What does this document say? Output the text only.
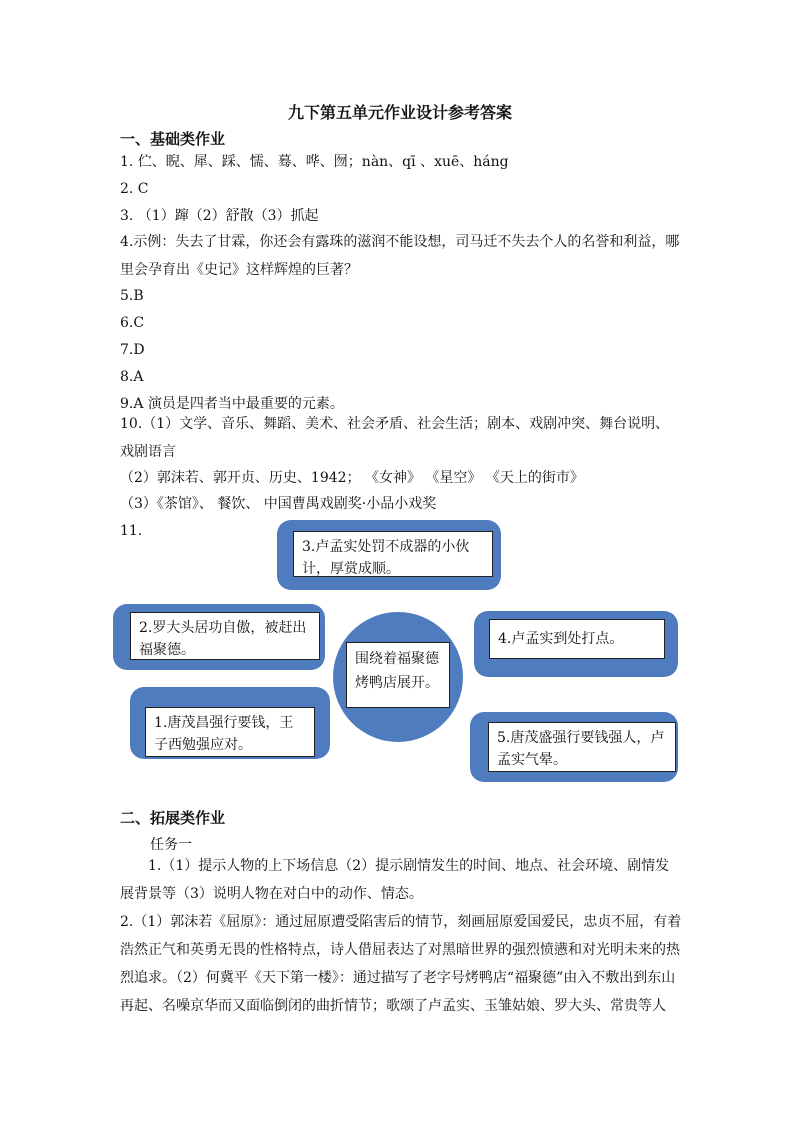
九下第五单元作业设计参考答案
一、基础类作业
1. 伫、睨、犀、踩、懦、蓦、哗、囫；nàn、qī 、xuē、háng
2. C
3. （1）蹿（2）舒散（3）抓起
4.示例：失去了甘霖，你还会有露珠的滋润不能设想，司马迁不失去个人的名誉和利益，哪里会孕育出《史记》这样辉煌的巨著？
5.B
6.C
7.D
8.A
9.A 演员是四者当中最重要的元素。
10.（1）文学、音乐、舞蹈、美术、社会矛盾、社会生活；剧本、戏剧冲突、舞台说明、戏剧语言
（2）郭沫若、郭开贞、历史、1942； 《女神》 《星空》 《天上的街市》
（3）《茶馆》、 餐饮、 中国曹禺戏剧奖·小品小戏奖
11.
3.卢孟实处罚不成器的小伙计，厚赏成顺。
2.罗大头居功自傲，被赶出福聚德。
围绕着福聚德烤鸭店展开。
4.卢孟实到处打点。
1.唐茂昌强行要钱，王子西勉强应对。	5.唐茂盛强行要钱强人，卢孟实气晕。
二、拓展类作业
任务一
1.（1）提示人物的上下场信息（2）提示剧情发生的时间、地点、社会环境、剧情发展背景等（3）说明人物在对白中的动作、情态。
2.（1）郭沫若《屈原》：通过屈原遭受陷害后的情节，刻画屈原爱国爱民，忠贞不屈，有着浩然正气和英勇无畏的性格特点，诗人借屈表达了对黑暗世界的强烈愤懑和对光明未来的热烈追求。（2）何冀平《天下第一楼》：通过描写了老字号烤鸭店“福聚德”由入不敷出到东山再起、名噪京华而又面临倒闭的曲折情节；歌颂了卢孟实、玉雏姑娘、罗大头、常贵等人
